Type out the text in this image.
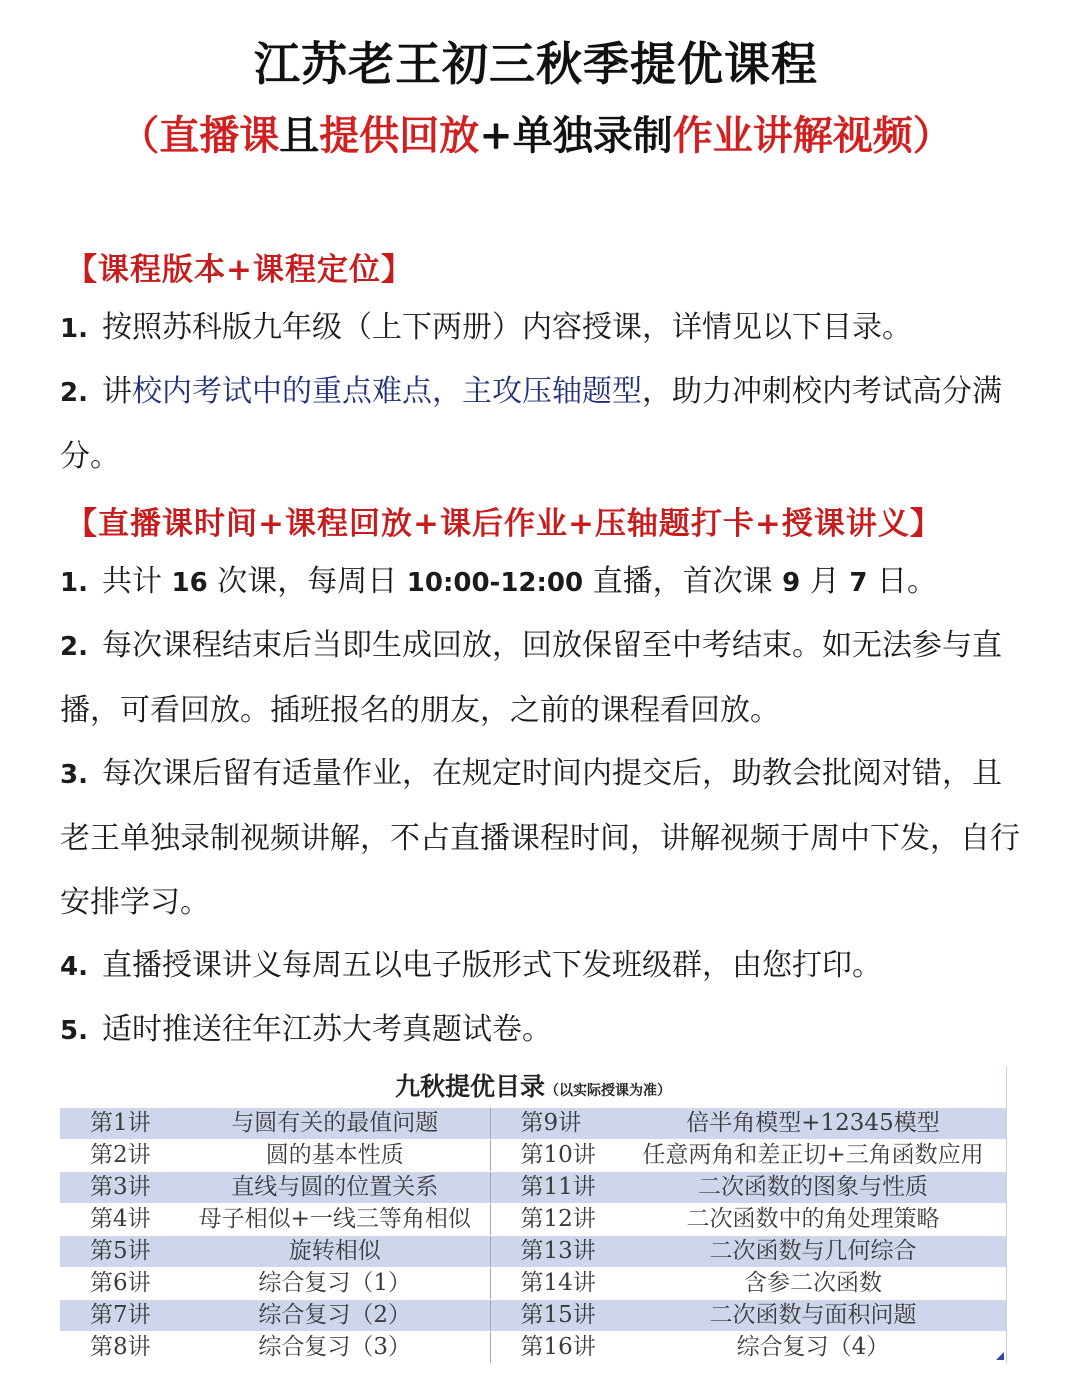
江苏老王初三秋季提优课程
（直播课且提供回放+单独录制作业讲解视频）
【课程版本+课程定位】
1. 按照苏科版九年级（上下两册）内容授课，详情见以下目录。
2. 讲校内考试中的重点难点，主攻压轴题型，助力冲刺校内考试高分满分。
【直播课时间+课程回放+课后作业+压轴题打卡+授课讲义】
1. 共计 16 次课，每周日 10:00-12:00 直播，首次课 9 月 7 日。
2. 每次课程结束后当即生成回放，回放保留至中考结束。如无法参与直播，可看回放。插班报名的朋友，之前的课程看回放。
3. 每次课后留有适量作业，在规定时间内提交后，助教会批阅对错，且老王单独录制视频讲解，不占直播课程时间，讲解视频于周中下发，自行安排学习。
4. 直播授课讲义每周五以电子版形式下发班级群，由您打印。
5. 适时推送往年江苏大考真题试卷。
九秋提优目录（以实际授课为准）
第1讲	与圆有关的最值问题	第9讲	倍半角模型+12345模型
第2讲	圆的基本性质	第10讲	任意两角和差正切+三角函数应用
第3讲	直线与圆的位置关系	第11讲	二次函数的图象与性质
第4讲	母子相似+一线三等角相似	第12讲	二次函数中的角处理策略
第5讲	旋转相似	第13讲	二次函数与几何综合
第6讲	综合复习（1）	第14讲	含参二次函数
第7讲	综合复习（2）	第15讲	二次函数与面积问题
第8讲	综合复习（3）	第16讲	综合复习（4）
